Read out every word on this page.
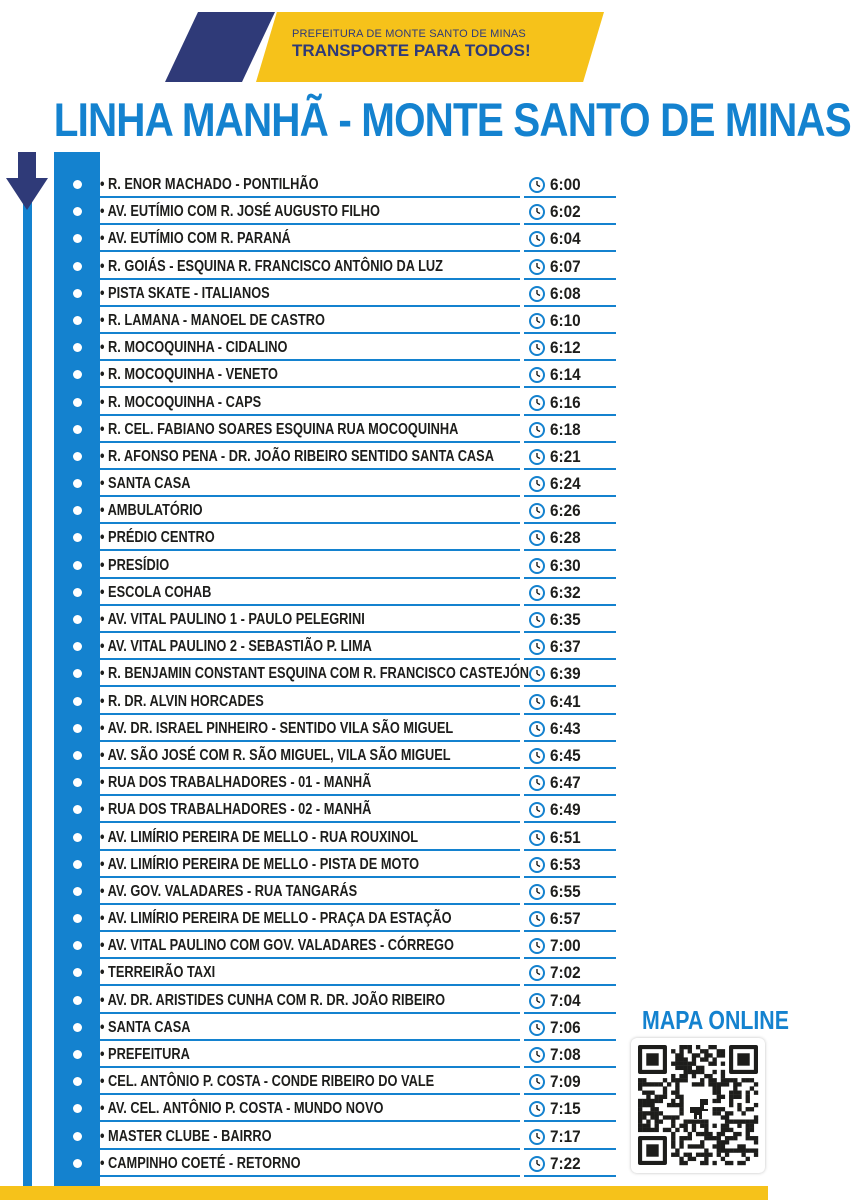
PREFEITURA DE MONTE SANTO DE MINAS
TRANSPORTE PARA TODOS!
LINHA MANHÃ - MONTE SANTO DE MINAS
• R. ENOR MACHADO - PONTILHÃO	6:00
• AV. EUTÍMIO COM R. JOSÉ AUGUSTO FILHO	6:02
• AV. EUTÍMIO COM R. PARANÁ	6:04
• R. GOIÁS - ESQUINA R. FRANCISCO ANTÔNIO DA LUZ	6:07
• PISTA SKATE - ITALIANOS	6:08
• R. LAMANA - MANOEL DE CASTRO	6:10
• R. MOCOQUINHA - CIDALINO	6:12
• R. MOCOQUINHA - VENETO	6:14
• R. MOCOQUINHA - CAPS	6:16
• R. CEL. FABIANO SOARES ESQUINA RUA MOCOQUINHA	6:18
• R. AFONSO PENA - DR. JOÃO RIBEIRO SENTIDO SANTA CASA	6:21
• SANTA CASA	6:24
• AMBULATÓRIO	6:26
• PRÉDIO CENTRO	6:28
• PRESÍDIO	6:30
• ESCOLA COHAB	6:32
• AV. VITAL PAULINO 1 - PAULO PELEGRINI	6:35
• AV. VITAL PAULINO 2 - SEBASTIÃO P. LIMA	6:37
• R. BENJAMIN CONSTANT ESQUINA COM R. FRANCISCO CASTEJÓN 6:39
• R. DR. ALVIN HORCADES	6:41
• AV. DR. ISRAEL PINHEIRO - SENTIDO VILA SÃO MIGUEL	6:43
• AV. SÃO JOSÉ COM R. SÃO MIGUEL, VILA SÃO MIGUEL	6:45
• RUA DOS TRABALHADORES - 01 - MANHÃ	6:47
• RUA DOS TRABALHADORES - 02 - MANHÃ	6:49
• AV. LIMÍRIO PEREIRA DE MELLO - RUA ROUXINOL	6:51
• AV. LIMÍRIO PEREIRA DE MELLO - PISTA DE MOTO	6:53
• AV. GOV. VALADARES - RUA TANGARÁS	6:55
• AV. LIMÍRIO PEREIRA DE MELLO - PRAÇA DA ESTAÇÃO	6:57
• AV. VITAL PAULINO COM GOV. VALADARES - CÓRREGO	7:00
• TERREIRÃO TAXI	7:02
• AV. DR. ARISTIDES CUNHA COM R. DR. JOÃO RIBEIRO	7:04
• SANTA CASA	7:06
• PREFEITURA	7:08
• CEL. ANTÔNIO P. COSTA - CONDE RIBEIRO DO VALE	7:09
• AV. CEL. ANTÔNIO P. COSTA - MUNDO NOVO	7:15
• MASTER CLUBE - BAIRRO	7:17
• CAMPINHO COETÉ - RETORNO	7:22
MAPA ONLINE
